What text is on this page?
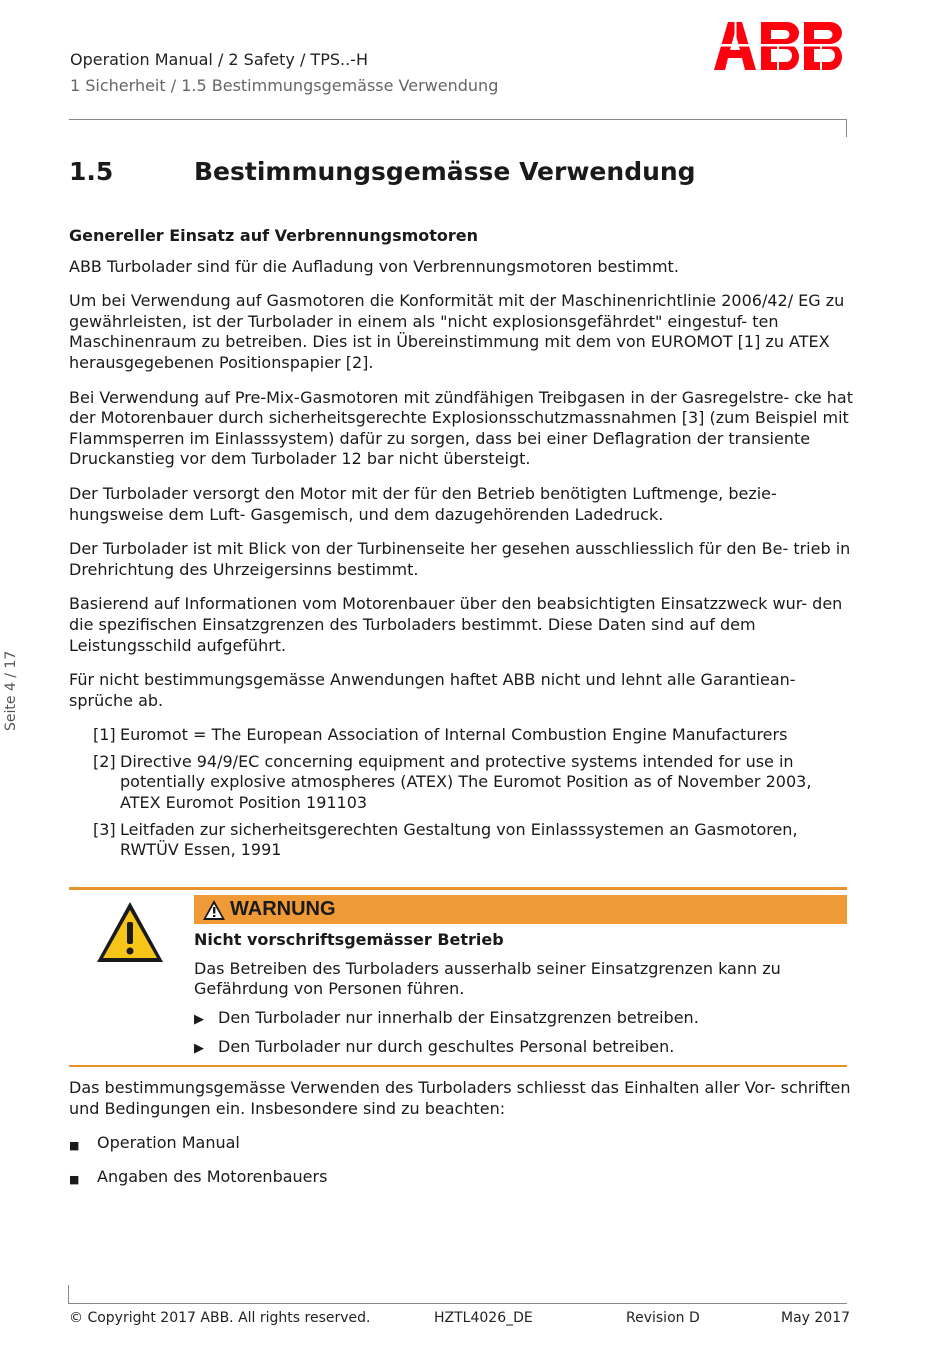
Operation Manual / 2 Safety / TPS..-H
1 Sicherheit / 1.5 Bestimmungsgemässe Verwendung
1.5	Bestimmungsgemässe Verwendung
Genereller Einsatz auf Verbrennungsmotoren

ABB Turbolader sind für die Aufladung von Verbrennungsmotoren bestimmt.

Um bei Verwendung auf Gasmotoren die Konformität mit der Maschinenrichtlinie 2006/42/ EG zu gewährleisten, ist der Turbolader in einem als "nicht explosionsgefährdet" eingestuf- ten Maschinenraum zu betreiben. Dies ist in Übereinstimmung mit dem von EUROMOT [1] zu ATEX herausgegebenen Positionspapier [2].

Bei Verwendung auf Pre-Mix-Gasmotoren mit zündfähigen Treibgasen in der Gasregelstre- cke hat der Motorenbauer durch sicherheitsgerechte Explosionsschutzmassnahmen [3] (zum Beispiel mit Flammsperren im Einlasssystem) dafür zu sorgen, dass bei einer Deflagration der transiente Druckanstieg vor dem Turbolader 12 bar nicht übersteigt.

Der Turbolader versorgt den Motor mit der für den Betrieb benötigten Luftmenge, bezie- hungsweise dem Luft- Gasgemisch, und dem dazugehörenden Ladedruck.

Der Turbolader ist mit Blick von der Turbinenseite her gesehen ausschliesslich für den Be- trieb in Drehrichtung des Uhrzeigersinns bestimmt.

Basierend auf Informationen vom Motorenbauer über den beabsichtigten Einsatzzweck wur- den die spezifischen Einsatzgrenzen des Turboladers bestimmt. Diese Daten sind auf dem Leistungsschild aufgeführt.

Für nicht bestimmungsgemässe Anwendungen haftet ABB nicht und lehnt alle Garantiean- sprüche ab.

[1] Euromot = The European Association of Internal Combustion Engine Manufacturers
[2] Directive 94/9/EC concerning equipment and protective systems intended for use in potentially explosive atmospheres (ATEX) The Euromot Position as of November 2003, ATEX Euromot Position 191103
[3] Leitfaden zur sicherheitsgerechten Gestaltung von Einlasssystemen an Gasmotoren, RWTÜV Essen, 1991
WARNUNG
Nicht vorschriftsgemässer Betrieb
Das Betreiben des Turboladers ausserhalb seiner Einsatzgrenzen kann zu Gefährdung von Personen führen.
▶ Den Turbolader nur innerhalb der Einsatzgrenzen betreiben.
▶ Den Turbolader nur durch geschultes Personal betreiben.

Das bestimmungsgemässe Verwenden des Turboladers schliesst das Einhalten aller Vor- schriften und Bedingungen ein. Insbesondere sind zu beachten:

■	Operation Manual
■	Angaben des Motorenbauers
Seite 4 / 17
© Copyright 2017 ABB. All rights reserved.	HZTL4026_DE	Revision D	May 2017
